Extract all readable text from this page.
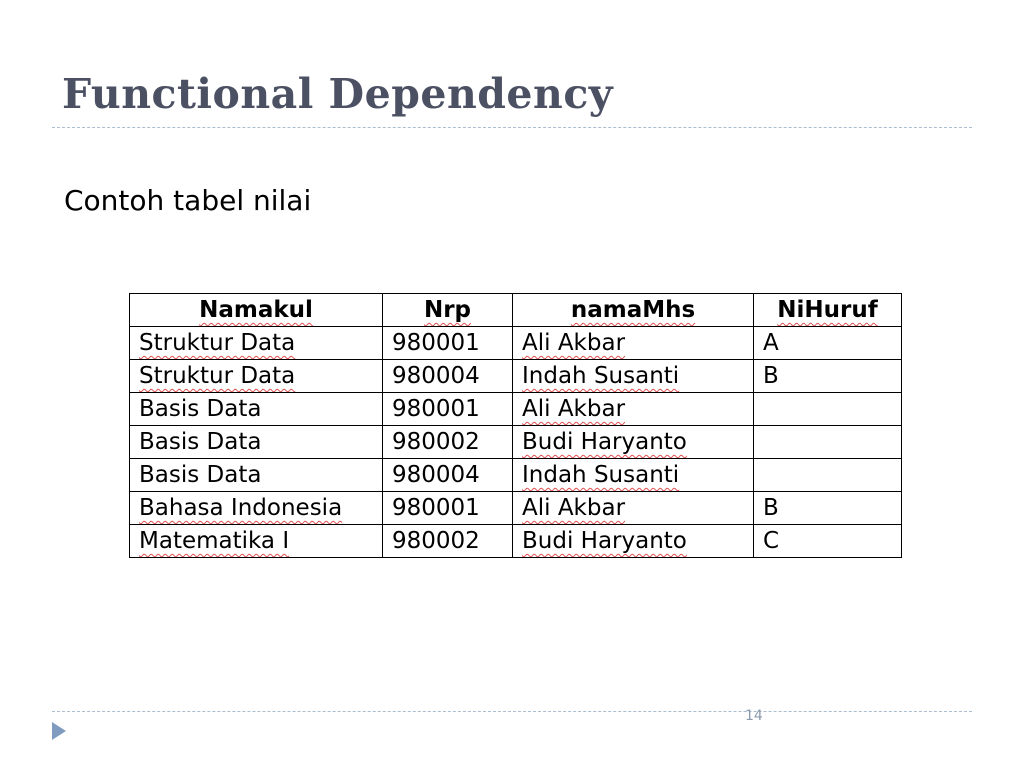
Functional Dependency

Contoh tabel nilai

Namakul	Nrp	namaMhs	NiHuruf
Struktur Data	980001	Ali Akbar	A
Struktur Data	980004	Indah Susanti	B
Basis Data	980001	Ali Akbar	
Basis Data	980002	Budi Haryanto	
Basis Data	980004	Indah Susanti	
Bahasa Indonesia	980001	Ali Akbar	B
Matematika I	980002	Budi Haryanto	C
14
